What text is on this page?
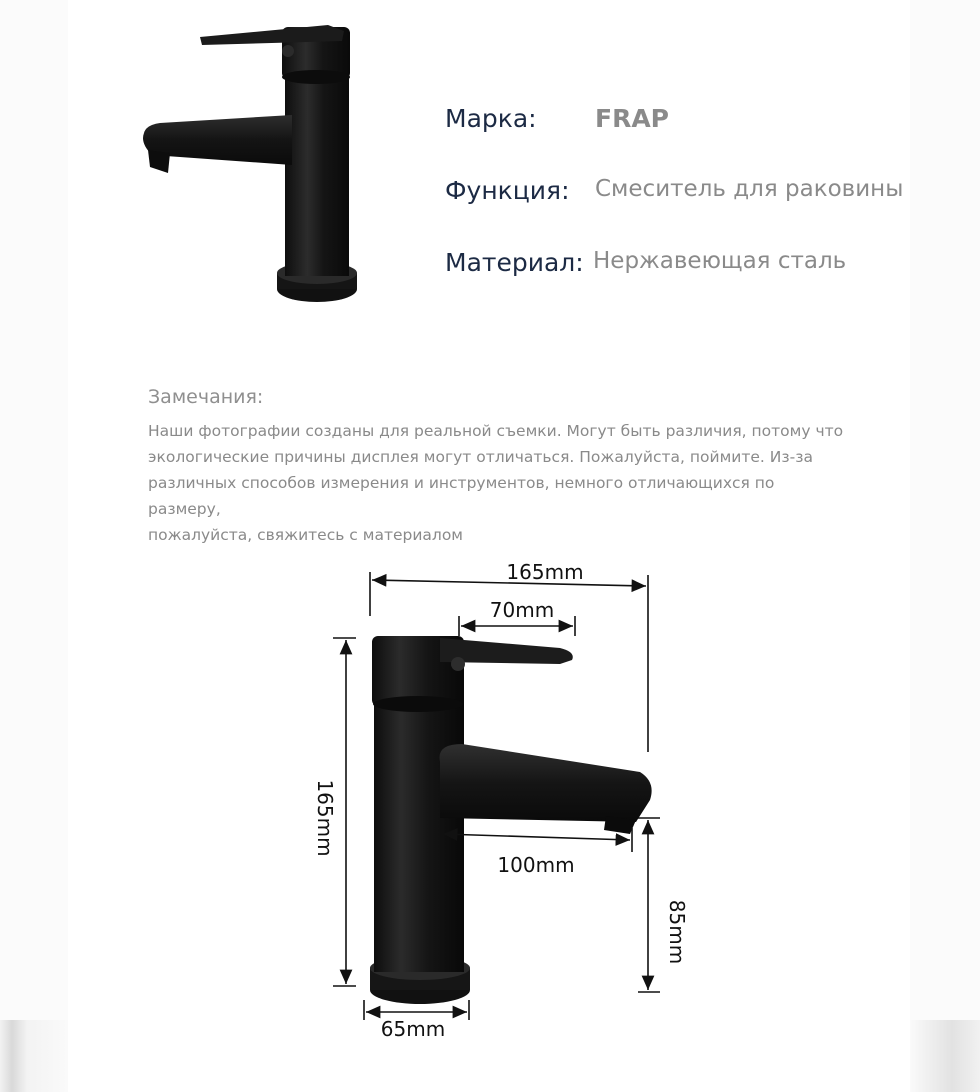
Марка: FRAP
Функция: Смеситель для раковины
Материал: Нержавеющая сталь
Замечания:
Наши фотографии созданы для реальной съемки. Могут быть различия, потому что
экологические причины дисплея могут отличаться. Пожалуйста, поймите. Из-за
различных способов измерения и инструментов, немного отличающихся по размеру,
пожалуйста, свяжитесь с материалом
165mm
70mm
165mm
100mm
85mm
65mm
